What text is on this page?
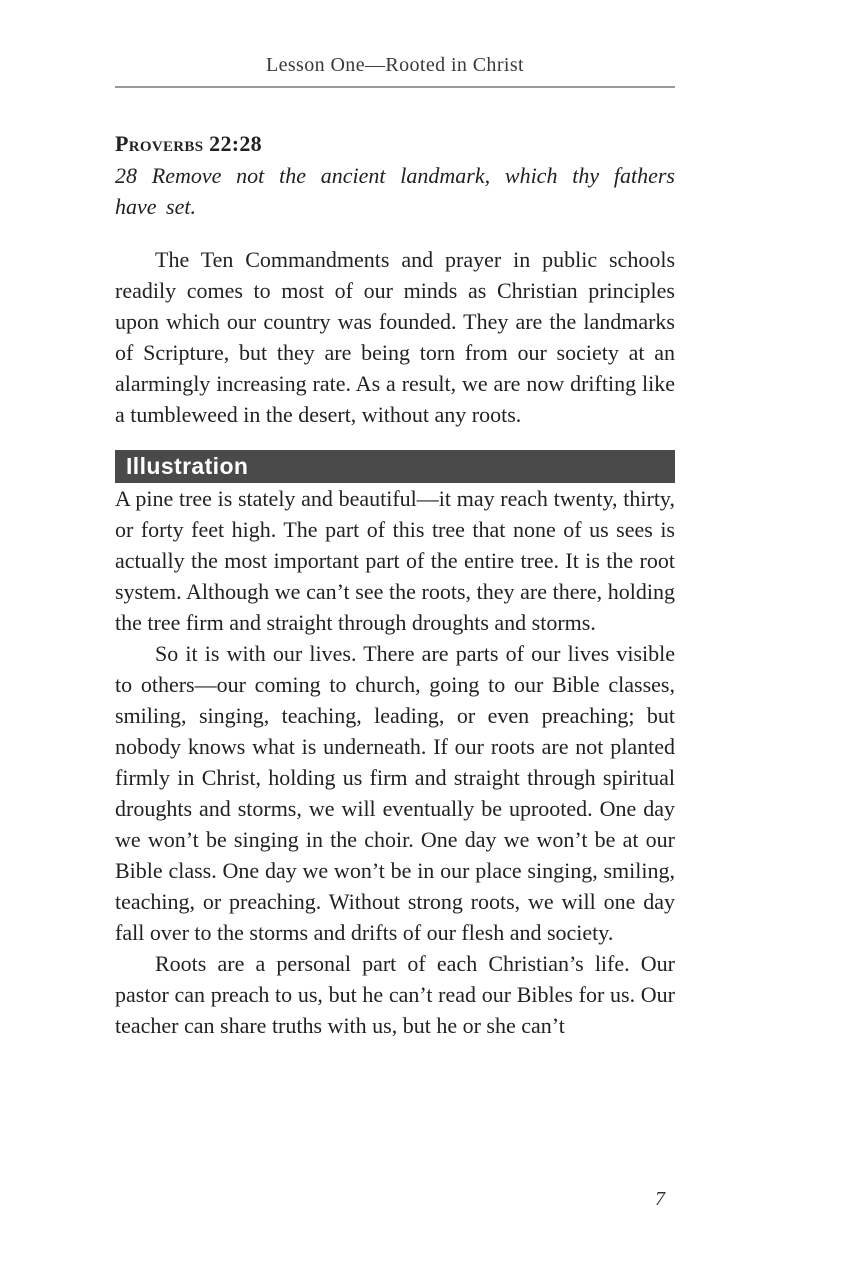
Lesson One—Rooted in Christ
Proverbs 22:28

28 Remove not the ancient landmark, which thy fathers have set.

The Ten Commandments and prayer in public schools readily comes to most of our minds as Christian principles upon which our country was founded. They are the landmarks of Scripture, but they are being torn from our society at an alarmingly increasing rate. As a result, we are now drifting like a tumbleweed in the desert, without any roots.

Illustration

A pine tree is stately and beautiful—it may reach twenty, thirty, or forty feet high. The part of this tree that none of us sees is actually the most important part of the entire tree. It is the root system. Although we can’t see the roots, they are there, holding the tree firm and straight through droughts and storms.

So it is with our lives. There are parts of our lives visible to others—our coming to church, going to our Bible classes, smiling, singing, teaching, leading, or even preaching; but nobody knows what is underneath. If our roots are not planted firmly in Christ, holding us firm and straight through spiritual droughts and storms, we will eventually be uprooted. One day we won’t be singing in the choir. One day we won’t be at our Bible class. One day we won’t be in our place singing, smiling, teaching, or preaching. Without strong roots, we will one day fall over to the storms and drifts of our flesh and society.

Roots are a personal part of each Christian’s life. Our pastor can preach to us, but he can’t read our Bibles for us. Our teacher can share truths with us, but he or she can’t

7
